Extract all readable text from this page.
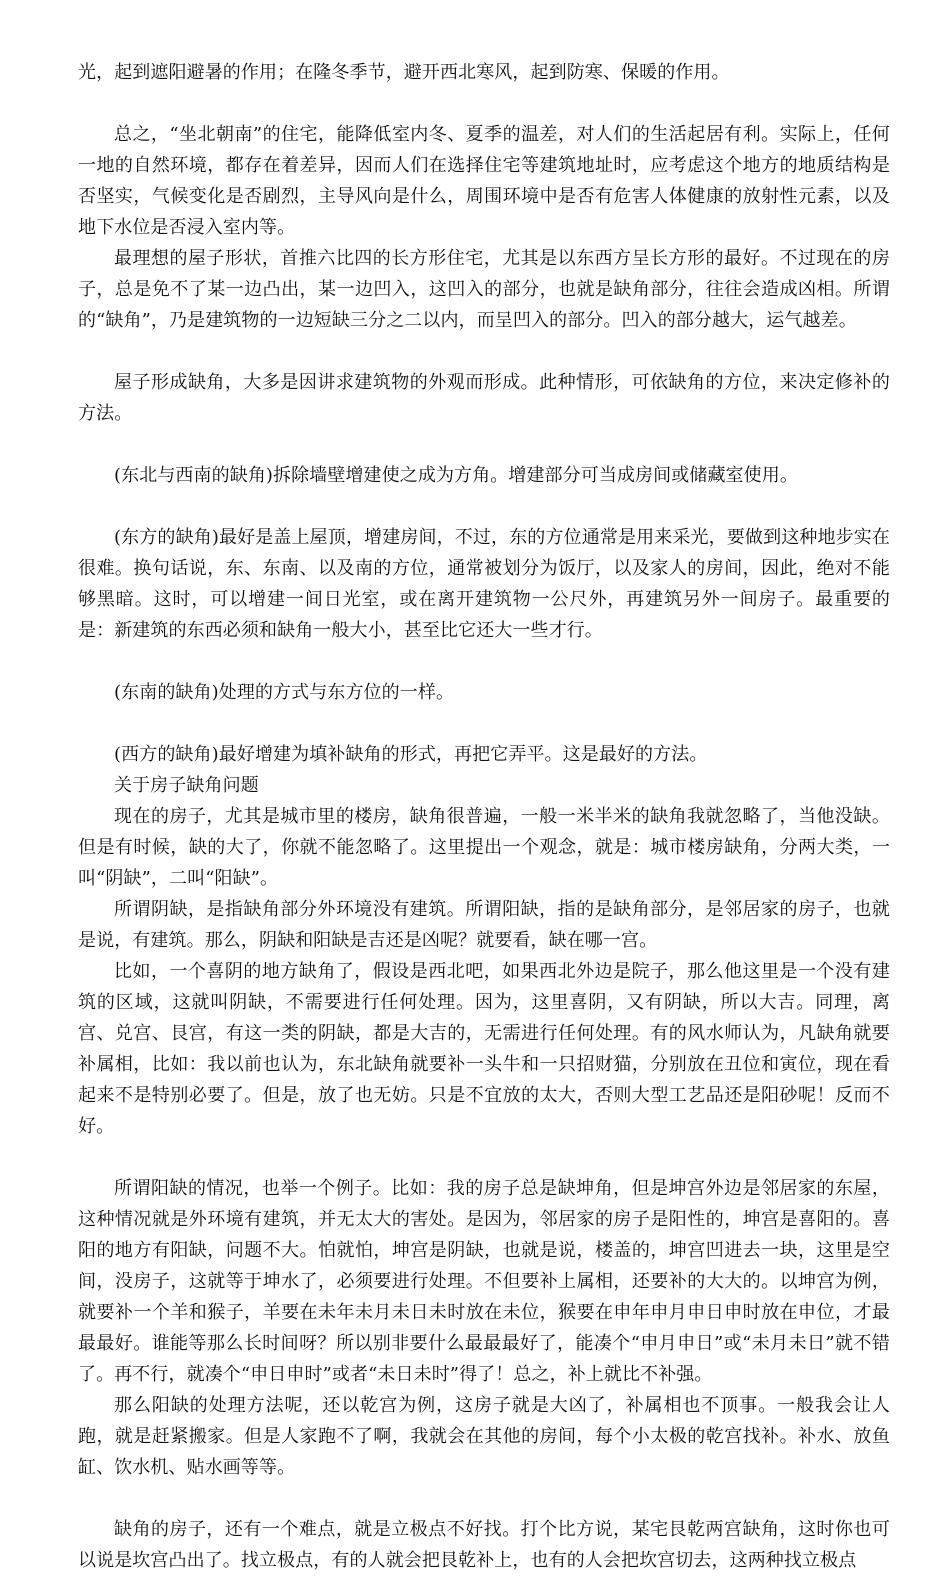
光，起到遮阳避暑的作用；在隆冬季节，避开西北寒风，起到防寒、保暖的作用。

总之，“坐北朝南”的住宅，能降低室内冬、夏季的温差，对人们的生活起居有利。实际上，任何一地的自然环境，都存在着差异，因而人们在选择住宅等建筑地址时，应考虑这个地方的地质结构是否坚实，气候变化是否剧烈，主导风向是什么，周围环境中是否有危害人体健康的放射性元素，以及地下水位是否浸入室内等。

最理想的屋子形状，首推六比四的长方形住宅，尤其是以东西方呈长方形的最好。不过现在的房子，总是免不了某一边凸出，某一边凹入，这凹入的部分，也就是缺角部分，往往会造成凶相。所谓的“缺角”，乃是建筑物的一边短缺三分之二以内，而呈凹入的部分。凹入的部分越大，运气越差。

屋子形成缺角，大多是因讲求建筑物的外观而形成。此种情形，可依缺角的方位，来决定修补的方法。

(东北与西南的缺角)拆除墙壁增建使之成为方角。增建部分可当成房间或储藏室使用。

(东方的缺角)最好是盖上屋顶，增建房间，不过，东的方位通常是用来采光，要做到这种地步实在很难。换句话说，东、东南、以及南的方位，通常被划分为饭厅，以及家人的房间，因此，绝对不能够黑暗。这时，可以增建一间日光室，或在离开建筑物一公尺外，再建筑另外一间房子。最重要的是：新建筑的东西必须和缺角一般大小，甚至比它还大一些才行。

(东南的缺角)处理的方式与东方位的一样。

(西方的缺角)最好增建为填补缺角的形式，再把它弄平。这是最好的方法。

关于房子缺角问题

现在的房子，尤其是城市里的楼房，缺角很普遍，一般一米半米的缺角我就忽略了，当他没缺。但是有时候，缺的大了，你就不能忽略了。这里提出一个观念，就是：城市楼房缺角，分两大类，一叫“阴缺”，二叫“阳缺”。

所谓阴缺，是指缺角部分外环境没有建筑。所谓阳缺，指的是缺角部分，是邻居家的房子，也就是说，有建筑。那么，阴缺和阳缺是吉还是凶呢？就要看，缺在哪一宫。

比如，一个喜阴的地方缺角了，假设是西北吧，如果西北外边是院子，那么他这里是一个没有建筑的区域，这就叫阴缺，不需要进行任何处理。因为，这里喜阴，又有阴缺，所以大吉。同理，离宫、兑宫、艮宫，有这一类的阴缺，都是大吉的，无需进行任何处理。有的风水师认为，凡缺角就要补属相，比如：我以前也认为，东北缺角就要补一头牛和一只招财猫，分别放在丑位和寅位，现在看起来不是特别必要了。但是，放了也无妨。只是不宜放的太大，否则大型工艺品还是阳砂呢！反而不好。

所谓阳缺的情况，也举一个例子。比如：我的房子总是缺坤角，但是坤宫外边是邻居家的东屋，这种情况就是外环境有建筑，并无太大的害处。是因为，邻居家的房子是阳性的，坤宫是喜阳的。喜阳的地方有阳缺，问题不大。怕就怕，坤宫是阴缺，也就是说，楼盖的，坤宫凹进去一块，这里是空间，没房子，这就等于坤水了，必须要进行处理。不但要补上属相，还要补的大大的。以坤宫为例，就要补一个羊和猴子，羊要在未年未月未日未时放在未位，猴要在申年申月申日申时放在申位，才最最最好。谁能等那么长时间呀？所以别非要什么最最最好了，能凑个“申月申日”或“未月未日”就不错了。再不行，就凑个“申日申时”或者“未日未时”得了！总之，补上就比不补强。

那么阳缺的处理方法呢，还以乾宫为例，这房子就是大凶了，补属相也不顶事。一般我会让人跑，就是赶紧搬家。但是人家跑不了啊，我就会在其他的房间，每个小太极的乾宫找补。补水、放鱼缸、饮水机、贴水画等等。

缺角的房子，还有一个难点，就是立极点不好找。打个比方说，某宅艮乾两宫缺角，这时你也可以说是坎宫凸出了。找立极点，有的人就会把艮乾补上，也有的人会把坎宫切去，这两种找立极点
